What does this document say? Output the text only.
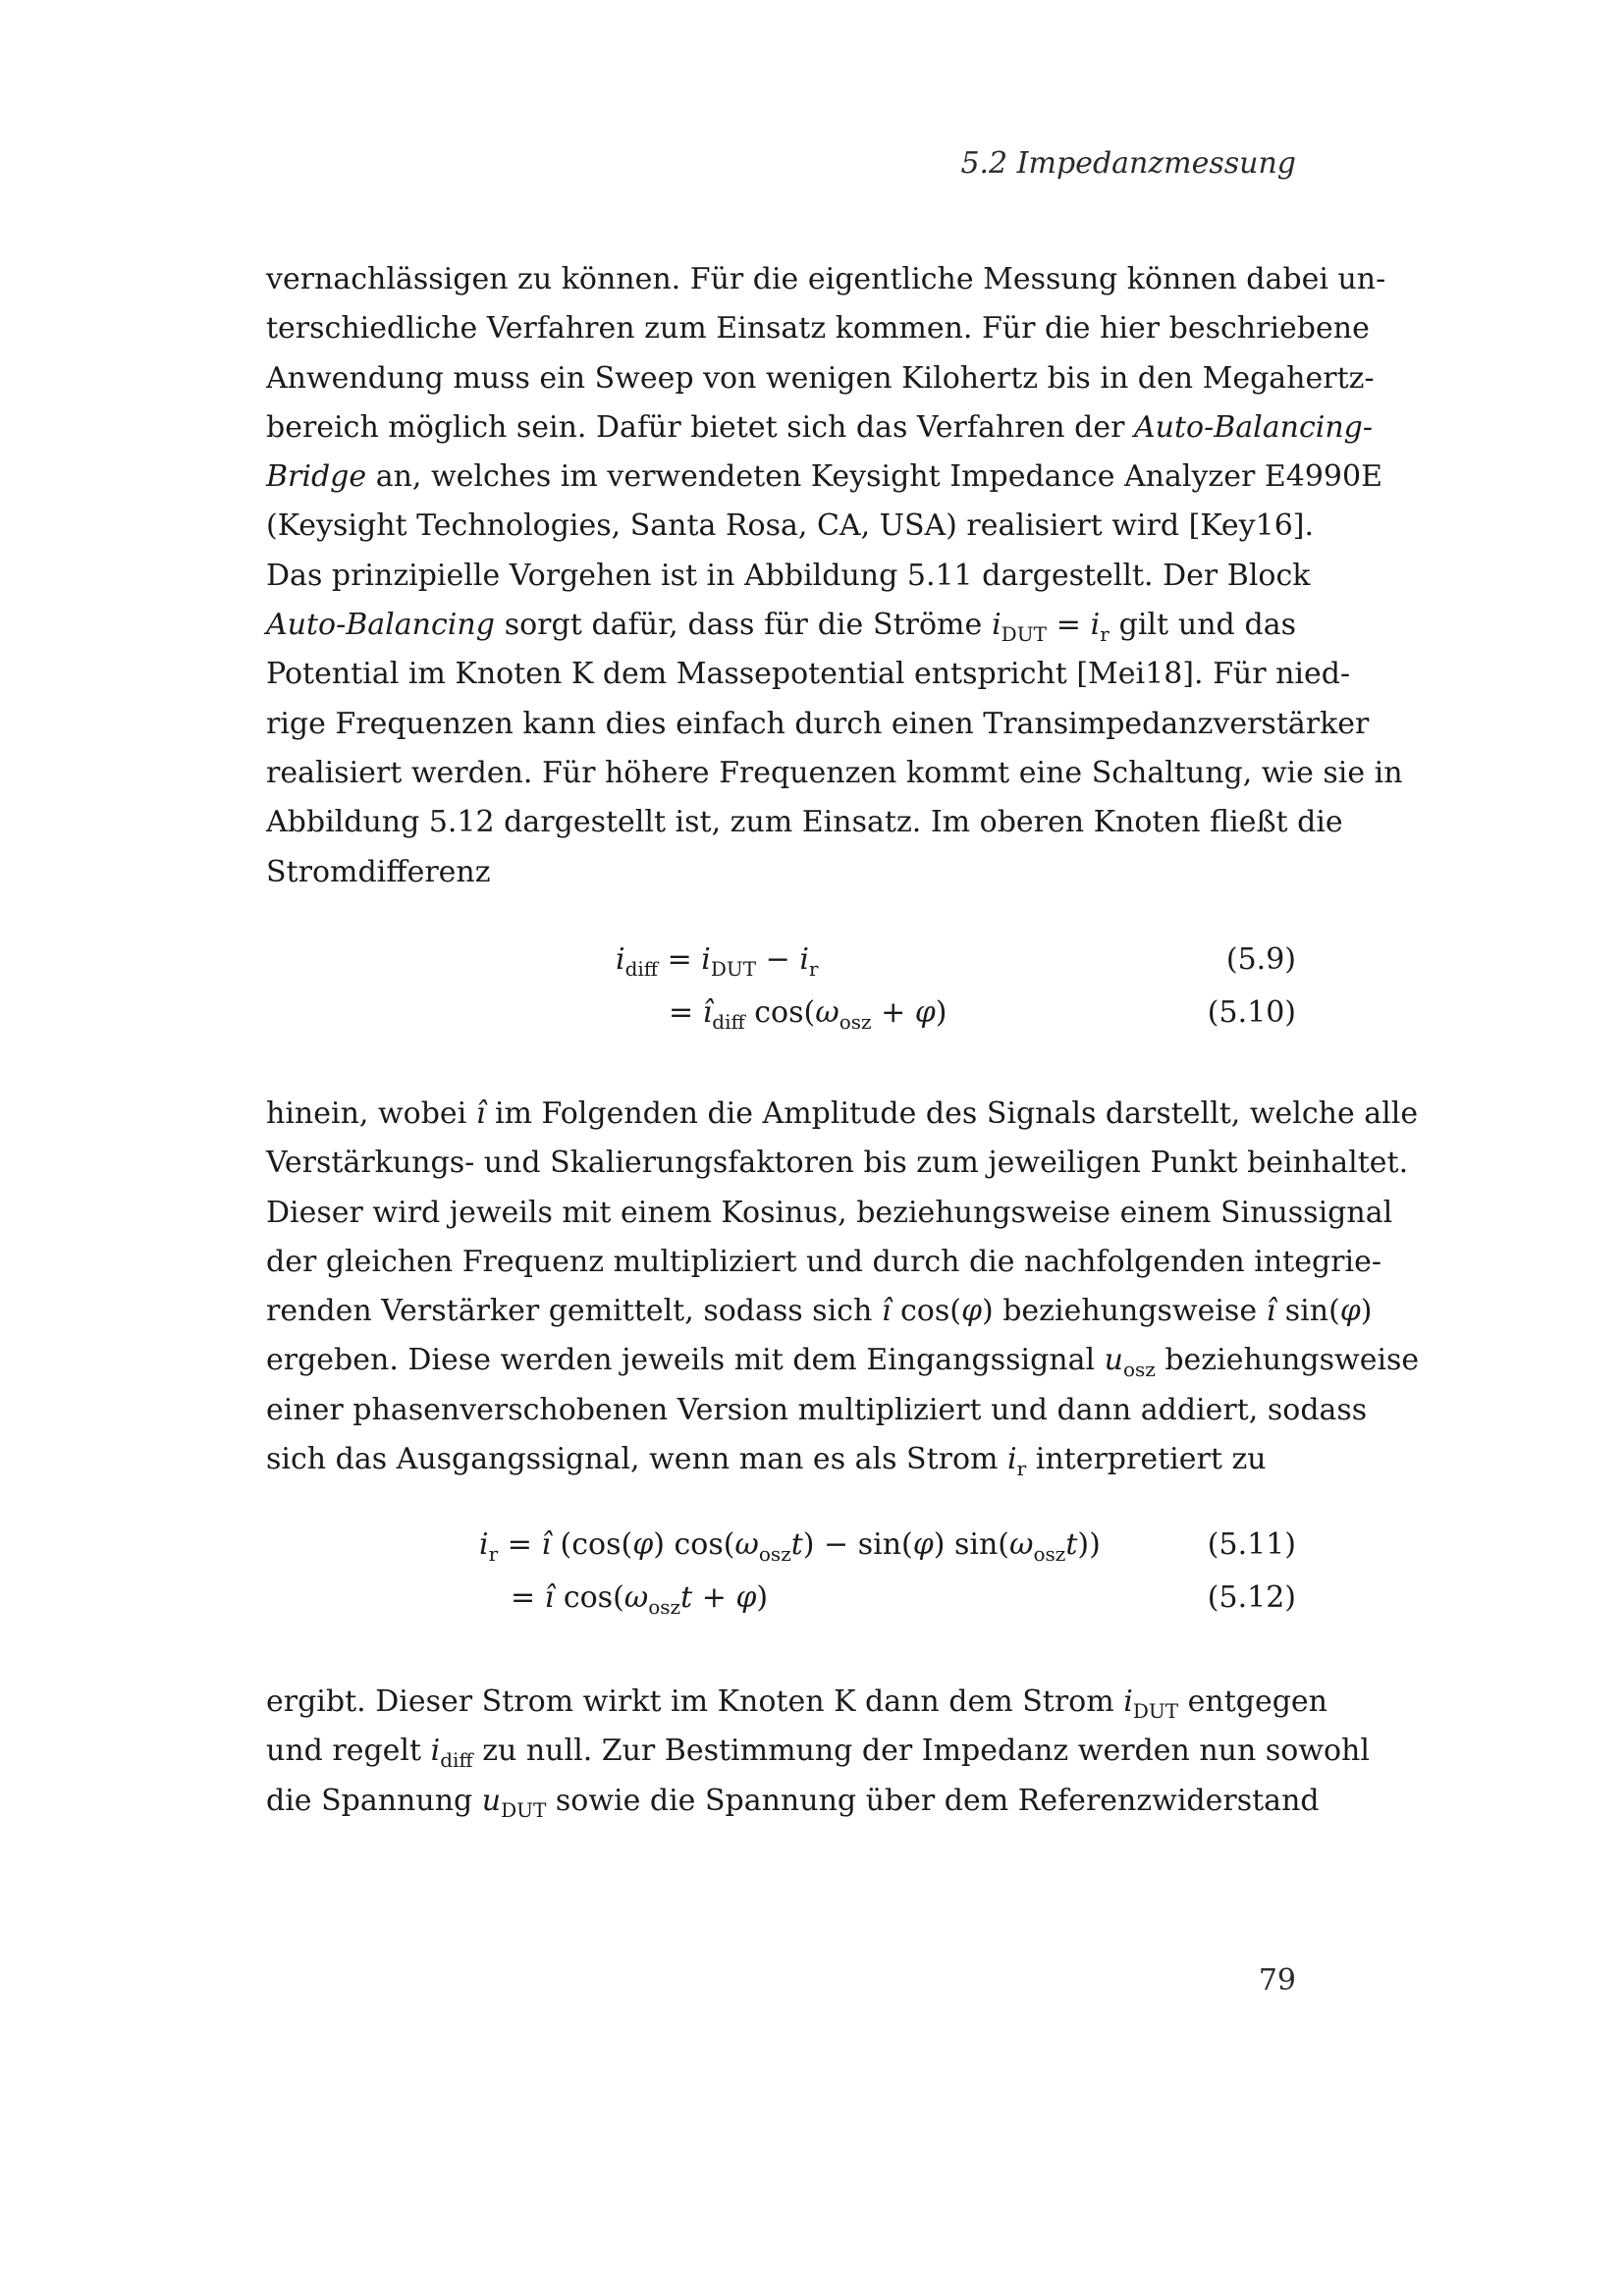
5.2 Impedanzmessung
vernachlässigen zu können. Für die eigentliche Messung können dabei un-
terschiedliche Verfahren zum Einsatz kommen. Für die hier beschriebene
Anwendung muss ein Sweep von wenigen Kilohertz bis in den Megahertz-
bereich möglich sein. Dafür bietet sich das Verfahren der Auto-Balancing-
Bridge an, welches im verwendeten Keysight Impedance Analyzer E4990E
(Keysight Technologies, Santa Rosa, CA, USA) realisiert wird [Key16].
Das prinzipielle Vorgehen ist in Abbildung 5.11 dargestellt. Der Block
Auto-Balancing sorgt dafür, dass für die Ströme $i_{DUT} = i_r$ gilt und das
Potential im Knoten K dem Massepotential entspricht [Mei18]. Für nied-
rige Frequenzen kann dies einfach durch einen Transimpedanzverstärker
realisiert werden. Für höhere Frequenzen kommt eine Schaltung, wie sie in
Abbildung 5.12 dargestellt ist, zum Einsatz. Im oberen Knoten fließt die
Stromdifferenz
$i_{diff} = i_{DUT} - i_r$	(5.9)
= $î_{diff}$ $\cos(\omega_{osz} + \varphi)$	(5.10)
hinein, wobei î im Folgenden die Amplitude des Signals darstellt, welche alle
Verstärkungs- und Skalierungsfaktoren bis zum jeweiligen Punkt beinhaltet.
Dieser wird jeweils mit einem Kosinus, beziehungsweise einem Sinussignal
der gleichen Frequenz multipliziert und durch die nachfolgenden integrie-
renden Verstärker gemittelt, sodass sich î cos(φ) beziehungsweise î sin(φ)
ergeben. Diese werden jeweils mit dem Eingangssignal $u_{osz}$ beziehungsweise
einer phasenverschobenen Version multipliziert und dann addiert, sodass
sich das Ausgangssignal, wenn man es als Strom $i_r$ interpretiert zu
$i_r$ = î (cos(φ) $\cos(\omega_{osz}t) - \sin(\varphi)$ $\sin(\omega_{osz}t)$)	(5.11)
= î $\cos(\omega_{osz}t + \varphi)$	(5.12)
ergibt. Dieser Strom wirkt im Knoten K dann dem Strom $i_{DUT}$ entgegen
und regelt $i_{diff}$ zu null. Zur Bestimmung der Impedanz werden nun sowohl
die Spannung $u_{DUT}$ sowie die Spannung über dem Referenzwiderstand
79
